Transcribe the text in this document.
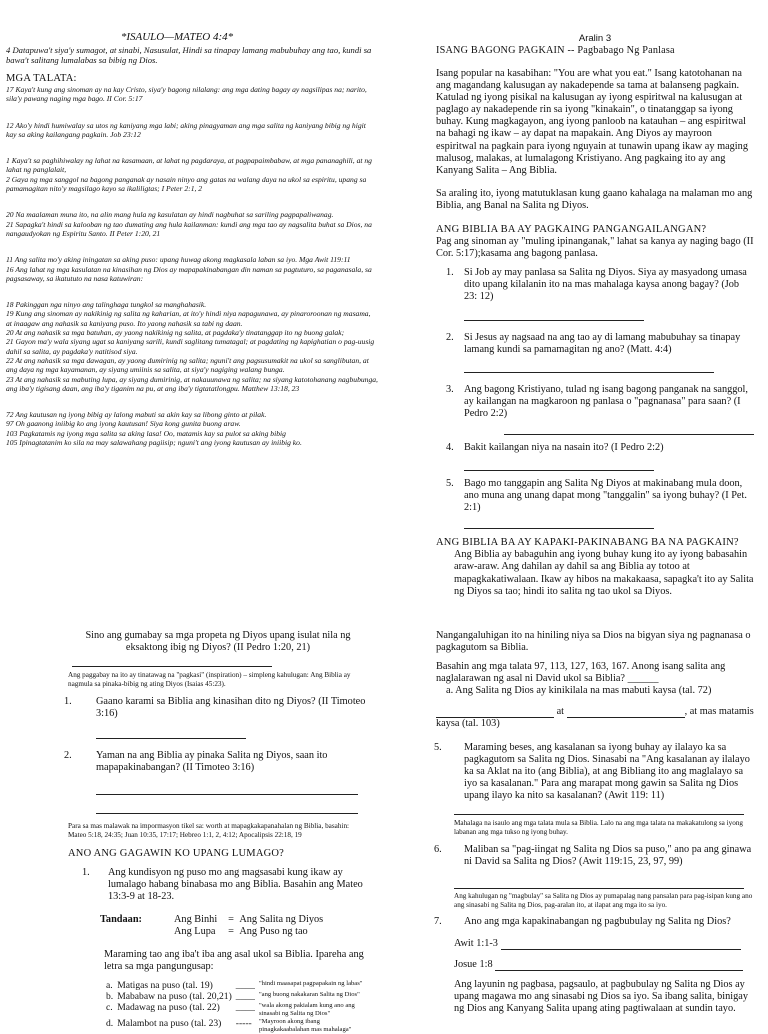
*ISAULO—MATEO 4:4*
4 Datapuwa't siya'y sumagot, at sinabi, Nasusulat, Hindi sa tinapay lamang mabubuhay ang tao, kundi sa bawa't salitang lumalabas sa bibig ng Dios.
MGA TALATA:
17 Kaya't kung ang sinoman ay na kay Cristo, siya'y bagong nilalang: ang mga dating bagay ay nagsilipas na; narito, sila'y pawang naging mga bago. II Cor. 5:17
12 Ako'y hindi humiwalay sa utos ng kaniyang mga labi; aking pinagyaman ang mga salita ng kaniyang bibig ng higit kay sa aking kailangang pagkain. Job 23:12
1 Kaya't sa paghihiwalay ng lahat na kasamaan, at lahat ng pagdaraya, at pagpapaimbabaw, at mga pananaghili, at ng lahat ng panglalait,
2 Gaya ng mga sanggol na bagong panganak ay nasain ninyo ang gatas na walang daya na ukol sa espiritu, upang sa pamamagitan nito'y magsilago kayo sa ikaliligtas; I Peter 2:1, 2
20 Na maalaman muna ito, na alin mang hula ng kasulatan ay hindi nagbuhat sa sariling pagpapaliwanag.
21 Sapagka't hindi sa kalooban ng tao dumating ang hula kailanman: kundi ang mga tao ay nagsalita buhat sa Dios, na nangaudyokan ng Espiritu Santo. II Peter 1:20, 21
11 Ang salita mo'y aking iningatan sa aking puso: upang huwag akong magkasala laban sa iyo. Mga Awit 119:11
16 Ang lahat ng mga kasulatan na kinasihan ng Dios ay mapapakinabangan din naman sa pagtuturo, sa paganasala, sa pagsasaway, sa ikatututo na nasa katuwiran:
18 Pakinggan nga ninyo ang talinghaga tungkol sa manghahasik.
19 Kung ang sinoman ay nakikinig ng salita ng kaharian, at ito'y hindi niya napagunawa, ay pinaroroonan ng masama, at inaagaw ang nahasik sa kaniyang puso. Ito yaong nahasik sa tabi ng daan.
20 At ang nahasik sa mga batuhan, ay yaong nakikinig ng salita, at pagdaka'y tinatanggap ito ng buong galak;
21 Gayon ma'y wala siyang ugat sa kaniyang sarili, kundi saglitang tumatagal; at pagdating ng kapighatian o pag-uusig dahil sa salita, ay pagdaka'y natitisod siya.
22 At ang nahasik sa mga dawagan, ay yaong dumirinig ng salita; nguni't ang pagsusumakit na ukol sa sanglibutan, at ang daya ng mga kayamanan, ay siyang umiinis sa salita, at siya'y nagiging walang bunga.
23 At ang nahasik sa mabuting lupa, ay siyang dumirinig, at nakauunawa ng salita; na siyang katotohanang nagbubunga, ang iba'y tigisang daan, ang iba'y tiganim na pu, at ang iba'y tigtatatlongpu. Matthew 13:18, 23
72 Ang kautusan ng iyong bibig ay lalong mabuti sa akin kay sa libong ginto at pilak.
97 Oh gaanong iniibig ko ang iyong kautusan! Siya kong gunita buong araw.
103 Pagkatamis ng iyong mga salita sa aking lasa! Oo, matamis kay sa pulot sa aking bibig
105 Ipinagtatanim ko sila na may salawahang pagiisip; nguni't ang iyong kautusan ay iniibig ko.
Aralin 3
ISANG BAGONG PAGKAIN -- Pagbabago Ng Panlasa

Isang popular na kasabihan: "You are what you eat." Isang katotohanan na ang magandang kalusugan ay nakadepende sa tama at balanseng pagkain. Katulad ng iyong pisikal na kalusugan ay iyong espiritwal na kalusugan at paglago ay nakadepende rin sa iyong "kinakain", o tinatanggap sa iyong buhay. Kung magkagayon, ang iyong panloob na katauhan – ang espiritwal na bahagi ng ikaw – ay dapat na mapakain. Ang Diyos ay mayroon espiritwal na pagkain para iyong nguyain at tunawin upang ikaw ay maging malusog, malakas, at lumalagong Kristiyano. Ang pagkaing ito ay ang Kanyang Salita – Ang Biblia.

Sa araling ito, iyong matutuklasan kung gaano kahalaga na malaman mo ang Biblia, ang Banal na Salita ng Diyos.

ANG BIBLIA BA AY PAGKAING PANGANGAILANGAN?

Pag ang sinoman ay "muling ipinanganak," lahat sa kanya ay naging bago (II Cor. 5:17);kasama ang bagong panlasa.

1. Si Job ay may panlasa sa Salita ng Diyos. Siya ay masyadong umasa dito upang kilalanin ito na mas mahalaga kaysa anong bagay? (Job 23: 12)
2. Si Jesus ay nagsaad na ang tao ay di lamang mabubuhay sa tinapay lamang kundi sa pamamagitan ng ano? (Matt. 4:4)
3. Ang bagong Kristiyano, tulad ng isang bagong panganak na sanggol, ay kailangan na magkaroon ng panlasa o "pagnanasa" para saan? (I Pedro 2:2)
4. Bakit kailangan niya na nasain ito? (I Pedro 2:2)
5. Bago mo tanggapin ang Salita Ng Diyos at makinabang mula doon, ano muna ang unang dapat mong "tanggalin" sa iyong buhay? (I Pet. 2:1)
ANG BIBLIA BA AY KAPAKI-PAKINABANG BA NA PAGKAIN?

Ang Biblia ay babaguhin ang iyong buhay kung ito ay iyong babasahin araw-araw. Ang dahilan ay dahil sa ang Biblia ay totoo at mapagkakatiwalaan. Ikaw ay hibos na makakaasa, sapagka't ito ay Salita ng Diyos sa tao; hindi ito salita ng tao ukol sa Diyos.

Sino ang gumabay sa mga propeta ng Diyos upang isulat nila ng eksaktong ibig ng Diyos? (II Pedro 1:20, 21)

Ang paggabay na ito ay tinatawag na "pagkasi" (inspiration) – simpleng kahulugan: Ang Biblia ay nagmula sa pinaka-bibig ng ating Diyos (Isaias 45:23).

1. Gaano karami sa Biblia ang kinasihan dito ng Diyos? (II Timoteo 3:16)
2. Yaman na ang Biblia ay pinaka Salita ng Diyos, saan ito mapapakinabangan? (II Timoteo 3:16)

Para sa mas malawak na impormasyon tikel sa: worth at mapagkakapanahalan ng Biblia, basahin: Mateo 5:18, 24:35; Juan 10:35, 17:17; Hebreo 1:1, 2, 4:12; Apocalipsis 22:18, 19

ANO ANG GAGAWIN KO UPANG LUMAGO?
1.	Ang kundisyon ng puso mo ang magsasabi kung ikaw ay lumalago habang binabasa mo ang Biblia. Basahin ang Mateo 13:3-9 at 18-23.
Tandaan:	Ang Binhi	=	Ang Salita ng Diyos
	Ang Lupa	=	Ang Puso ng tao

Maraming tao ang iba't iba ang asal ukol sa Biblia. Ipareha ang letra sa mga pangungusap:

a.	Matigas na puso (tal. 19)	____	"hindi maasapat pagpapakain ng labas"
b.	Mababaw na puso (tal. 20,21)	____	"ang buong nakakaran Salita ng Dios"
c.	Madawag na puso (tal. 22)	____	"wala akong pakialam kung ano ang sinasabi ng Salita ng Dios"
d.	Malambot na puso (tal. 23)	-----	"Mayroon akong ibang pinagkakaabalahan mas mahalaga"

Nangangaluhigan ito na hiniling niya sa Dios na bigyan siya ng pagnanasa o pagkagutom sa Biblia.

Basahin ang mga talata 97, 113, 127, 163, 167. Anong isang salita ang naglalarawan ng asal ni David ukol sa Biblia? ______

a. Ang Salita ng Dios ay kinikilala na mas mabuti kaysa (tal. 72)

at	, at mas matamis kaysa (tal. 103)
5. Maraming beses, ang kasalanan sa iyong buhay ay ilalayo ka sa pagkagutom sa Salita ng Dios. Sinasabi na "Ang kasalanan ay ilalayo ka sa Aklat na ito (ang Biblia), at ang Bibliang ito ang maglalayo sa iyo sa kasalanan." Para ang marapat mong gawin sa Salita ng Dios upang ilayo ka nito sa kasalanan? (Awit 119: 11)

Mahalaga na isaulo ang mga talata mula sa Biblia. Lalo na ang mga talata na makakatulong sa iyong labanan ang mga tukso ng iyong buhay.

6. Maliban sa "pag-iingat ng Salita ng Dios sa puso," ano pa ang ginawa ni David sa Salita ng Dios? (Awit 119:15, 23, 97, 99)

Ang kahulugan ng "magbulay" sa Salita ng Dios ay pumapalag nang pansalan para pag-isipan kung ano ang sinasabi ng Salita ng Dios, pag-aralan ito, at ilapat ang mga ito sa iyo.

7. Ano ang mga kapakinabangan ng pagbubulay ng Salita ng Dios?
Awit 1:1-3
Josue 1:8

Ang layunin ng pagbasa, pagsaulo, at pagbubulay ng Salita ng Dios ay upang magawa mo ang sinasabi ng Dios sa iyo. Sa ibang salita, binigay ng Dios ang Kanyang Salita upang ating pagtiwalaan at sundin tayo.
